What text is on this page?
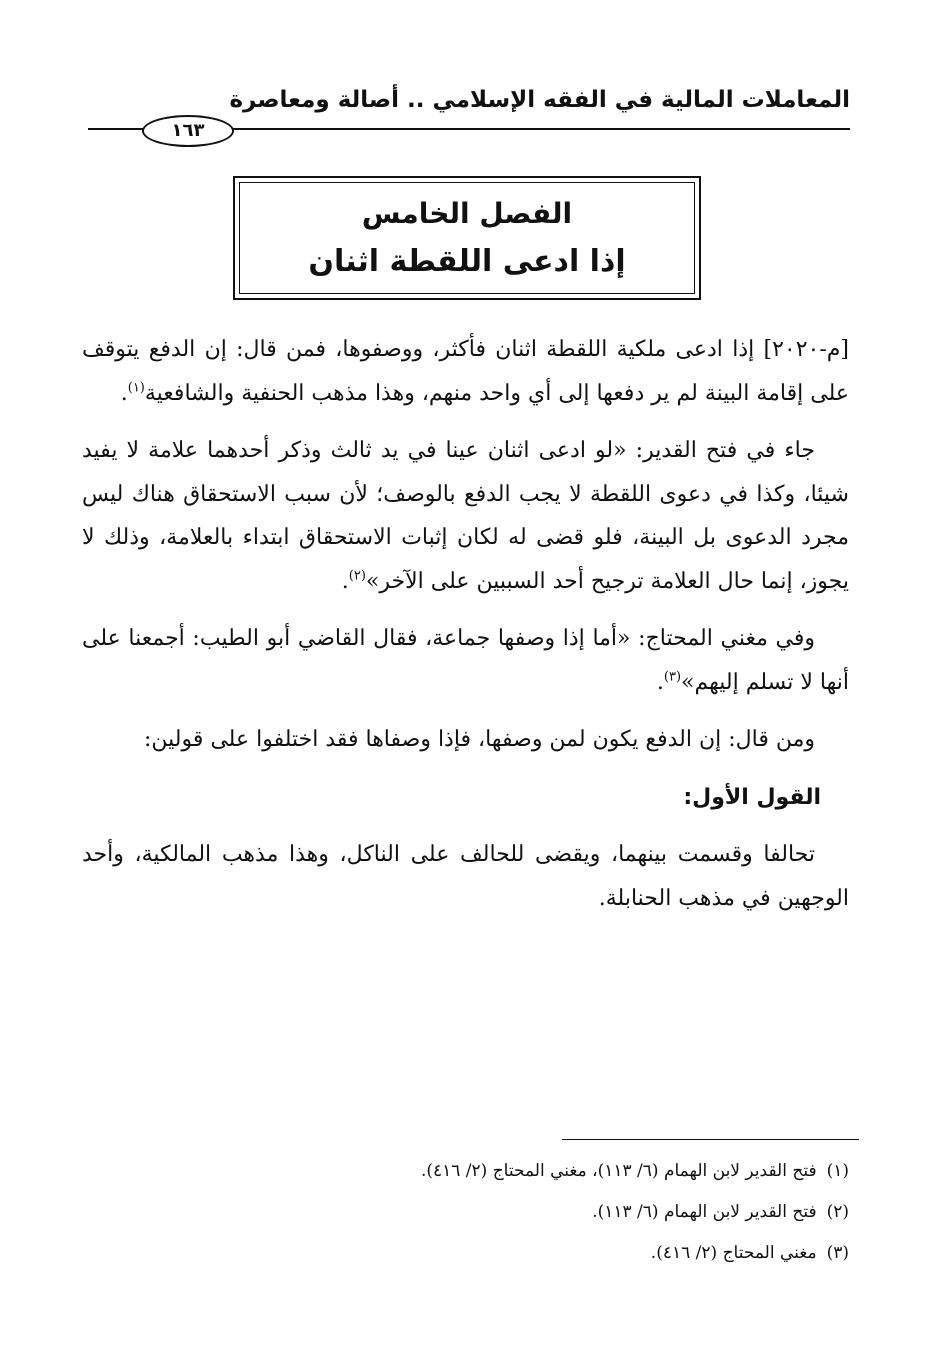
المعاملات المالية في الفقه الإسلامي .. أصالة ومعاصرة
١٦٣
الفصل الخامس
إذا ادعى اللقطة اثنان

[م-٢٠٢٠] إذا ادعى ملكية اللقطة اثنان فأكثر، ووصفوها، فمن قال: إن الدفع يتوقف على إقامة البينة لم ير دفعها إلى أي واحد منهم، وهذا مذهب الحنفية والشافعية$^{(١)}$.

جاء في فتح القدير: «لو ادعى اثنان عينا في يد ثالث وذكر أحدهما علامة لا يفيد شيئا، وكذا في دعوى اللقطة لا يجب الدفع بالوصف؛ لأن سبب الاستحقاق هناك ليس مجرد الدعوى بل البينة، فلو قضى له لكان إثبات الاستحقاق ابتداء بالعلامة، وذلك لا يجوز، إنما حال العلامة ترجيح أحد السببين على الآخر»$^{(٢)}$.

وفي مغني المحتاج: «أما إذا وصفها جماعة، فقال القاضي أبو الطيب: أجمعنا على أنها لا تسلم إليهم»$^{(٣)}$.

ومن قال: إن الدفع يكون لمن وصفها، فإذا وصفاها فقد اختلفوا على قولين:

القول الأول:

تحالفا وقسمت بينهما، ويقضى للحالف على الناكل، وهذا مذهب المالكية، وأحد الوجهين في مذهب الحنابلة.

(١)فتح القدير لابن الهمام (٦/ ١١٣)، مغني المحتاج (٢/ ٤١٦).
(٢)فتح القدير لابن الهمام (٦/ ١١٣).
(٣)مغني المحتاج (٢/ ٤١٦).
